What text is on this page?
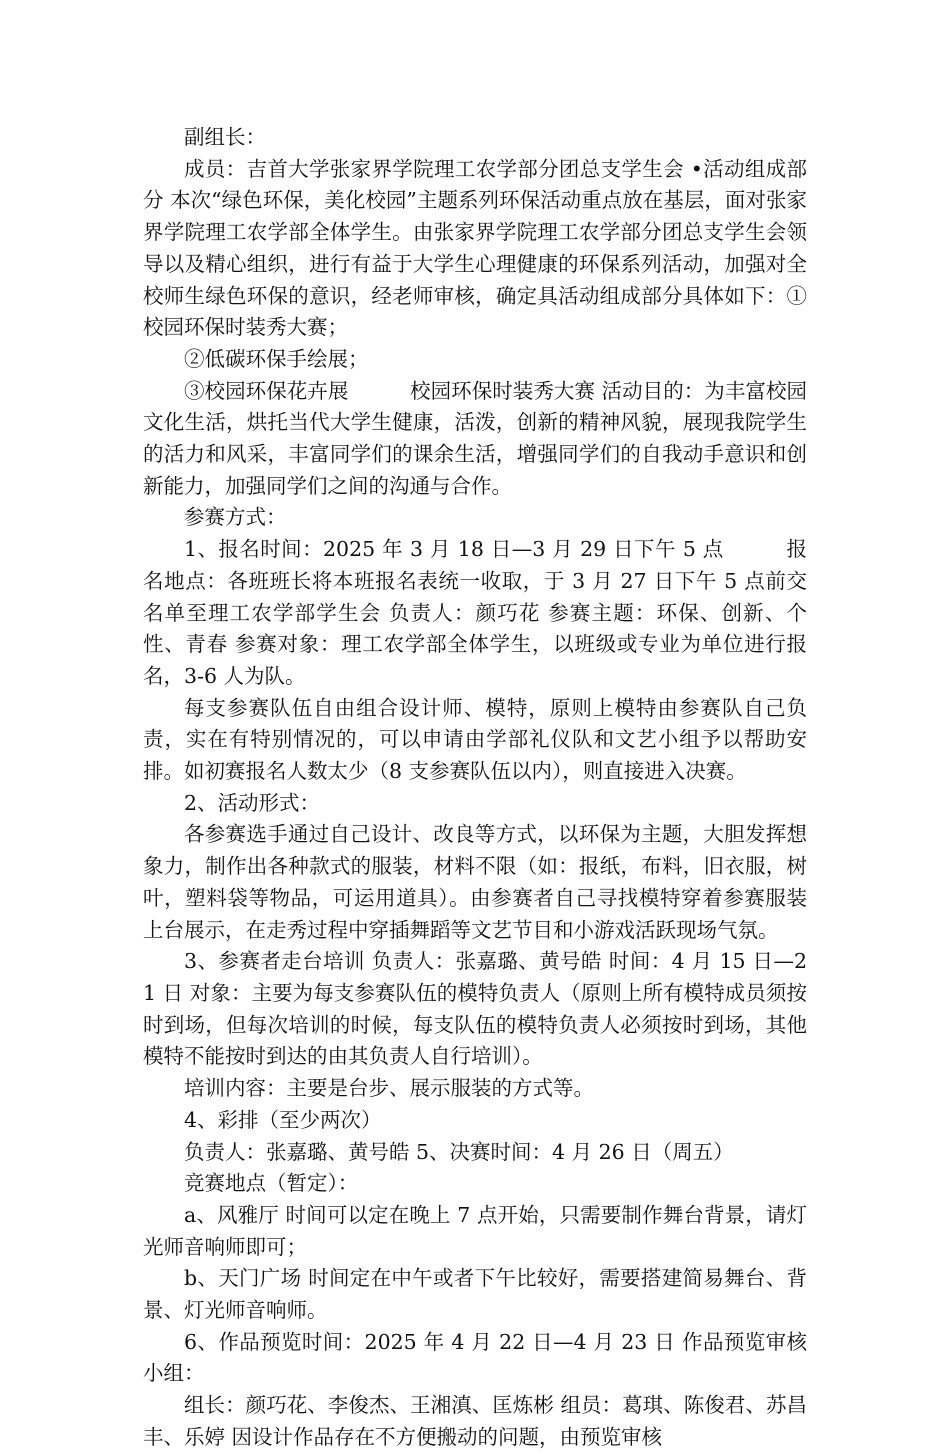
副组长：

成员：吉首大学张家界学院理工农学部分团总支学生会 •活动组成部分 本次“绿色环保，美化校园”主题系列环保活动重点放在基层，面对张家界学院理工农学部全体学生。由张家界学院理工农学部分团总支学生会领导以及精心组织，进行有益于大学生心理健康的环保系列活动，加强对全校师生绿色环保的意识，经老师审核，确定具活动组成部分具体如下：①校园环保时装秀大赛；

②低碳环保手绘展；

③校园环保花卉展　　　校园环保时装秀大赛 活动目的：为丰富校园文化生活，烘托当代大学生健康，活泼，创新的精神风貌，展现我院学生的活力和风采，丰富同学们的课余生活，增强同学们的自我动手意识和创新能力，加强同学们之间的沟通与合作。

参赛方式：

1、报名时间：2025 年 3 月 18 日—3 月 29 日下午 5 点　　　报名地点：各班班长将本班报名表统一收取，于 3 月 27 日下午 5 点前交名单至理工农学部学生会 负责人：颜巧花 参赛主题：环保、创新、个性、青春 参赛对象：理工农学部全体学生，以班级或专业为单位进行报名，3-6 人为队。

每支参赛队伍自由组合设计师、模特，原则上模特由参赛队自己负责，实在有特别情况的，可以申请由学部礼仪队和文艺小组予以帮助安排。如初赛报名人数太少（8 支参赛队伍以内），则直接进入决赛。

2、活动形式：

各参赛选手通过自己设计、改良等方式，以环保为主题，大胆发挥想象力，制作出各种款式的服装，材料不限（如：报纸，布料，旧衣服，树叶，塑料袋等物品，可运用道具）。由参赛者自己寻找模特穿着参赛服装上台展示，在走秀过程中穿插舞蹈等文艺节目和小游戏活跃现场气氛。

3、参赛者走台培训 负责人：张嘉璐、黄号皓 时间：4 月 15 日—21 日 对象：主要为每支参赛队伍的模特负责人（原则上所有模特成员须按时到场，但每次培训的时候，每支队伍的模特负责人必须按时到场，其他模特不能按时到达的由其负责人自行培训）。

培训内容：主要是台步、展示服装的方式等。

4、彩排（至少两次）

负责人：张嘉璐、黄号皓 5、决赛时间：4 月 26 日（周五）

竞赛地点（暂定）：

a、风雅厅 时间可以定在晚上 7 点开始，只需要制作舞台背景，请灯光师音响师即可；

b、天门广场 时间定在中午或者下午比较好，需要搭建简易舞台、背景、灯光师音响师。

6、作品预览时间：2025 年 4 月 22 日—4 月 23 日 作品预览审核小组：

组长：颜巧花、李俊杰、王湘滇、匡炼彬 组员：葛琪、陈俊君、苏昌丰、乐婷 因设计作品存在不方便搬动的问题，由预览审核
